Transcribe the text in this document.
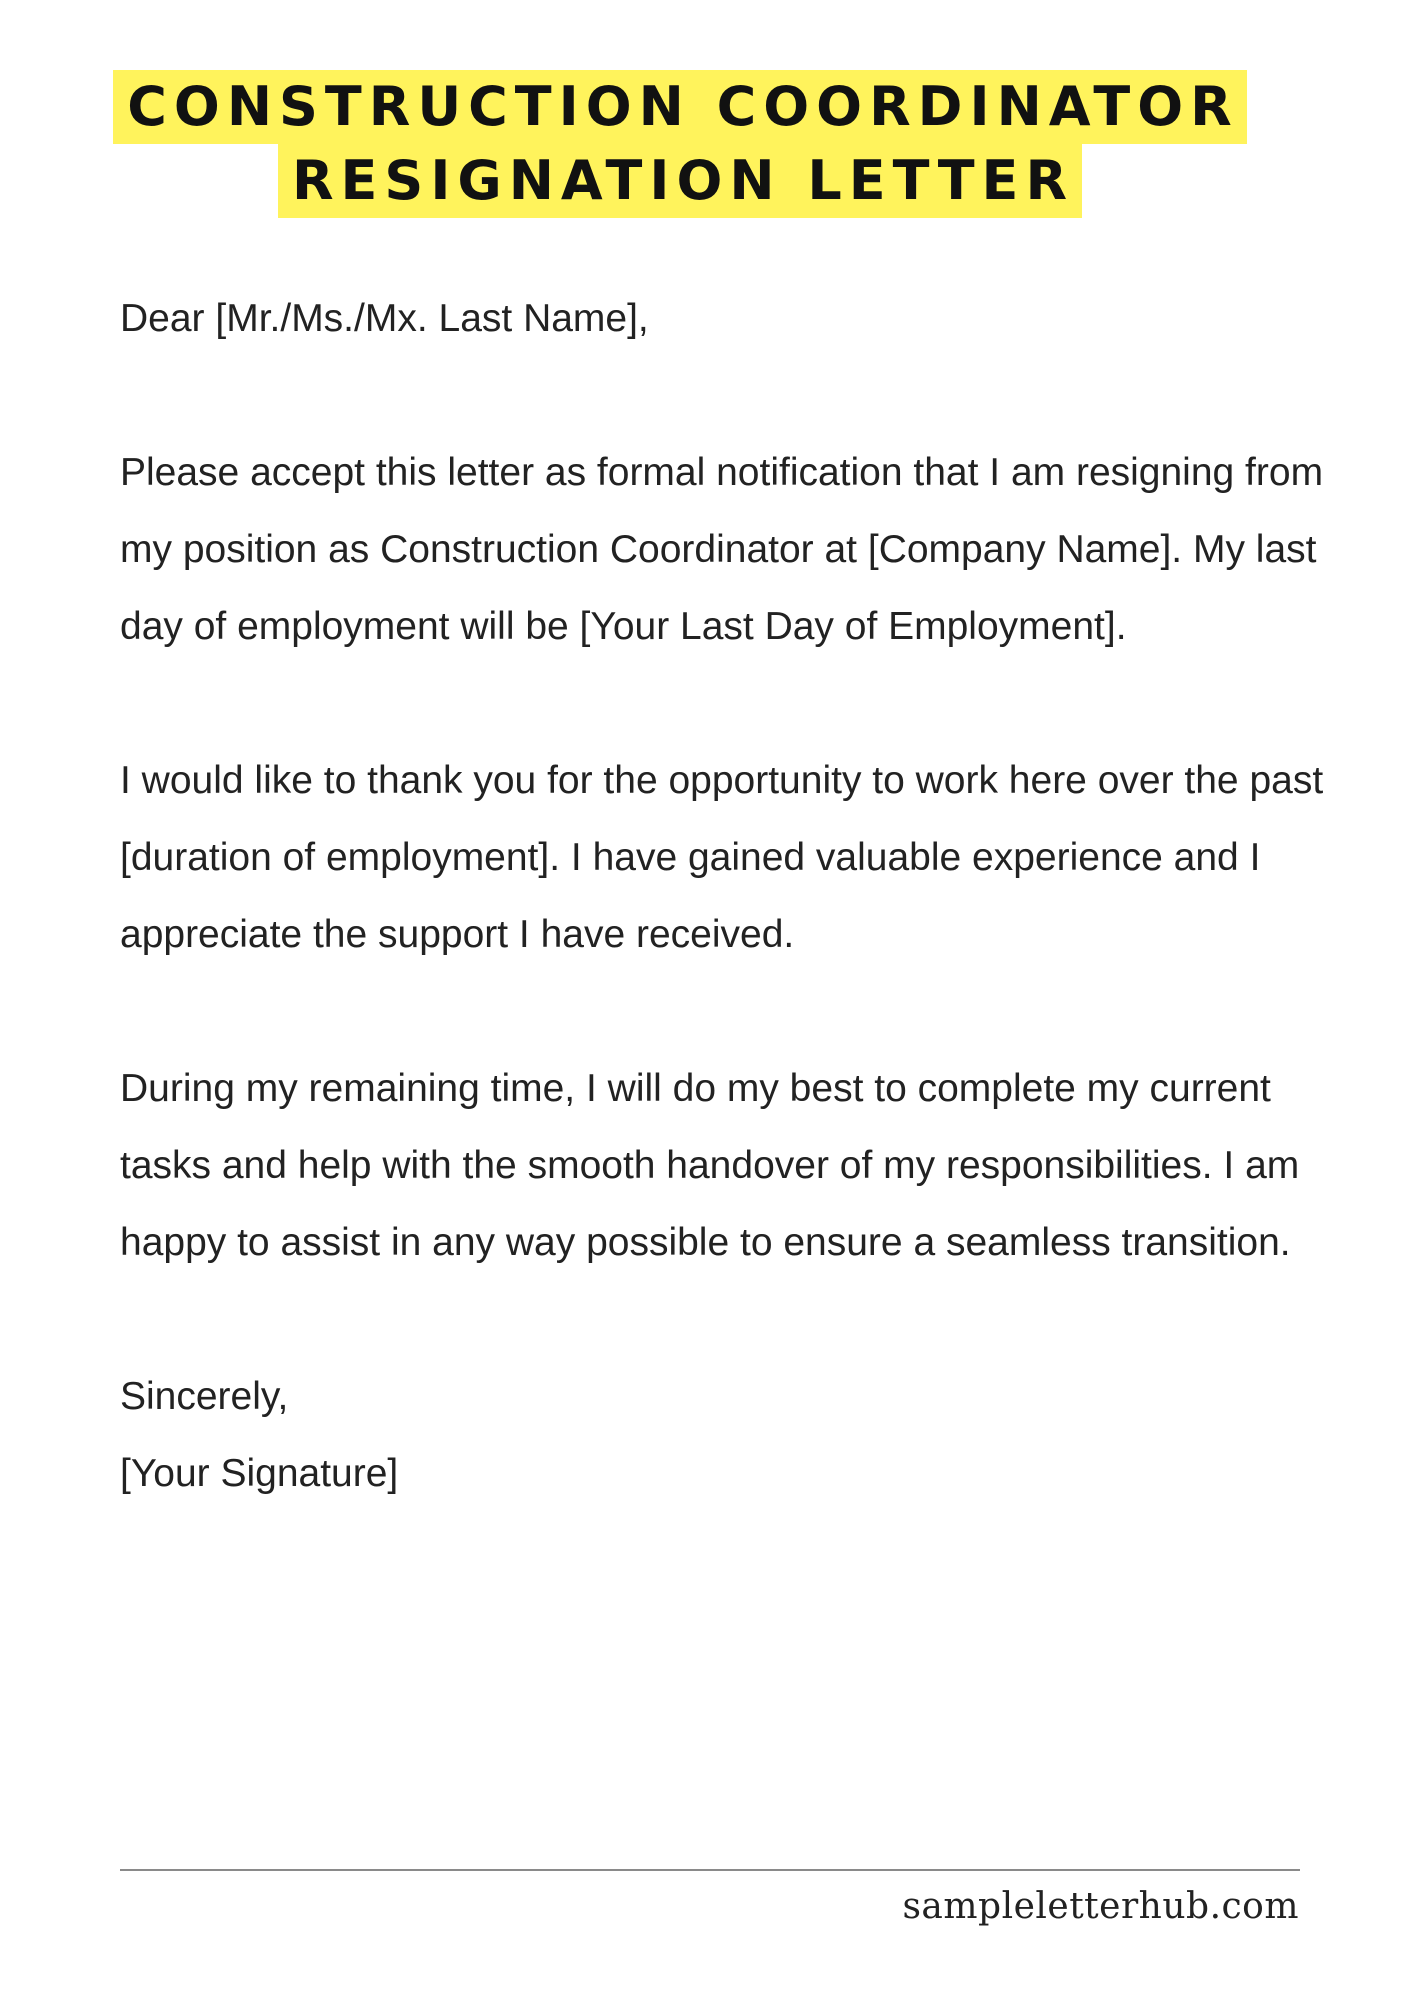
CONSTRUCTION COORDINATOR
RESIGNATION LETTER

Dear [Mr./Ms./Mx. Last Name],

Please accept this letter as formal notification that I am resigning from my position as Construction Coordinator at [Company Name]. My last day of employment will be [Your Last Day of Employment].

I would like to thank you for the opportunity to work here over the past [duration of employment]. I have gained valuable experience and I appreciate the support I have received.

During my remaining time, I will do my best to complete my current tasks and help with the smooth handover of my responsibilities. I am happy to assist in any way possible to ensure a seamless transition.

Sincerely,

[Your Signature]

sampleletterhub.com
